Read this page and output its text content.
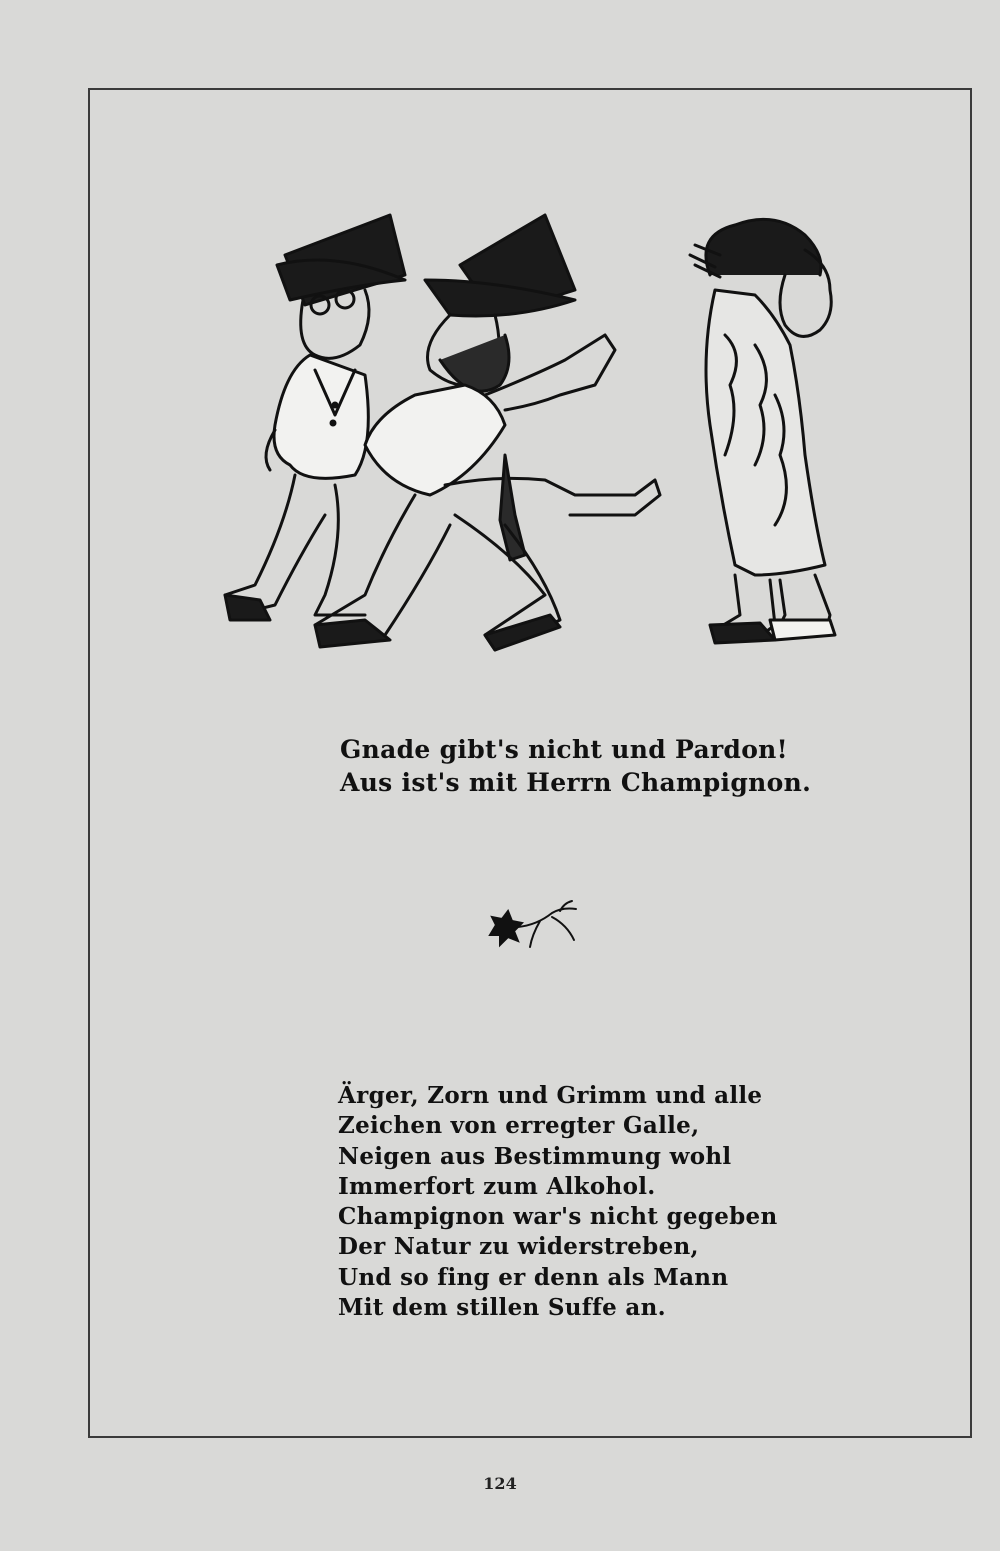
Gnade gibt's nicht und Pardon!
Aus ist's mit Herrn Champignon.
Ärger, Zorn und Grimm und alle
Zeichen von erregter Galle,
Neigen aus Bestimmung wohl
Immerfort zum Alkohol.
Champignon war's nicht gegeben
Der Natur zu widerstreben,
Und so fing er denn als Mann
Mit dem stillen Suffe an.
124
